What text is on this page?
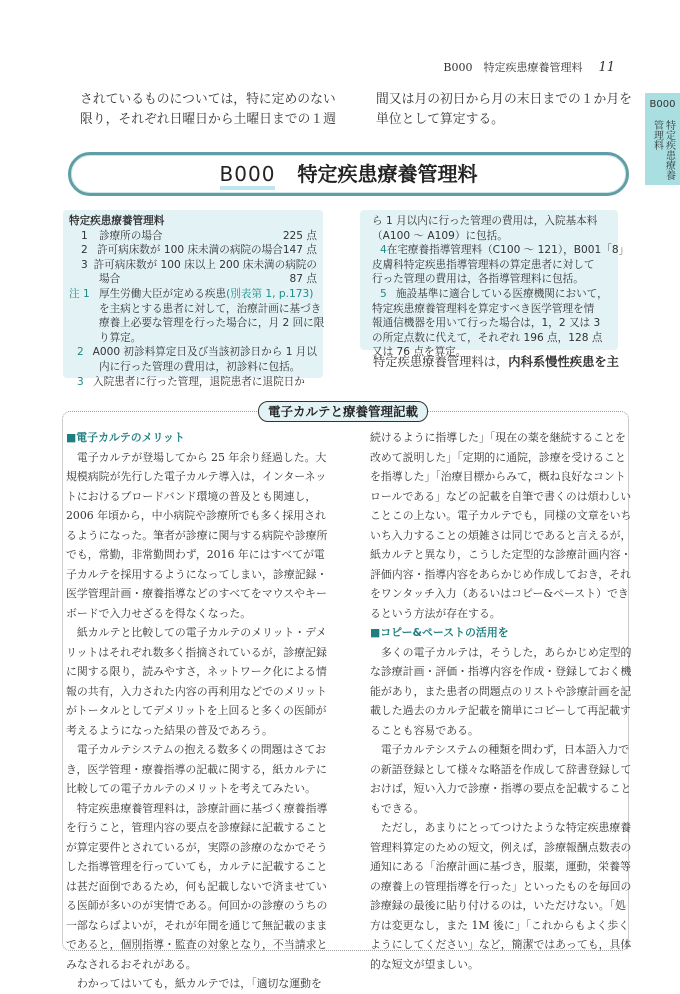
B000　特定疾患療養管理料 11
されているものについては，特に定めのない
限り，それぞれ日曜日から土曜日までの１週
間又は月の初日から月の末日までの１か月を
単位として算定する。
B000
特定疾患療養管理料
B000 特定疾患療養管理料
特定疾患療養管理料
1	診療所の場合	225 点
2 許可病床数が 100 床未満の病院の場合 147 点
3 許可病床数が 100 床以上 200 床未満の病院の
場合	87 点
注 1 厚生労働大臣が定める疾患 (別表第 1, p.173)
を主病とする患者に対して，治療計画に基づき
療養上必要な管理を行った場合に，月 2 回に限
り算定。
2 A000 初診料算定日及び当該初診日から 1 月以
内に行った管理の費用は，初診料に包括。
3 入院患者に行った管理，退院患者に退院日か
ら 1 月以内に行った管理の費用は，入院基本料
（A100 ～ A109）に包括。
4 在宅療養指導管理料（C100 ～ 121），B001「8」
皮膚科特定疾患指導管理料の算定患者に対して
行った管理の費用は，各指導管理料に包括。
5 施設基準に適合している医療機関において，
特定疾患療養管理料を算定すべき医学管理を情
報通信機器を用いて行った場合は，1，2 又は 3
の所定点数に代えて，それぞれ 196 点，128 点
又は 76 点を算定。
特定疾患療養管理料は，内科系慢性疾患を主
電子カルテと療養管理記載
■電子カルテのメリット
　電子カルテが登場してから 25 年余り経過した。大
規模病院が先行した電子カルテ導入は，インターネッ
トにおけるブロードバンド環境の普及とも関連し，
2006 年頃から，中小病院や診療所でも多く採用され
るようになった。筆者が診療に関与する病院や診療所
でも，常勤，非常勤問わず，2016 年にはすべてが電
子カルテを採用するようになってしまい，診療記録・
医学管理計画・療養指導などのすべてをマウスやキー
ボードで入力せざるを得なくなった。
　紙カルテと比較しての電子カルテのメリット・デメ
リットはそれぞれ数多く指摘されているが，診療記録
に関する限り，読みやすさ，ネットワーク化による情
報の共有，入力された内容の再利用などでのメリット
がトータルとしてデメリットを上回ると多くの医師が
考えるようになった結果の普及であろう。
　電子カルテシステムの抱える数多くの問題はさてお
き，医学管理・療養指導の記載に関する，紙カルテに
比較しての電子カルテのメリットを考えてみたい。
　特定疾患療養管理料は，診療計画に基づく療養指導
を行うこと，管理内容の要点を診療録に記載すること
が算定要件とされているが，実際の診療のなかでそう
した指導管理を行っていても，カルテに記載すること
は甚だ面倒であるため，何も記載しないで済ませてい
る医師が多いのが実情である。何回かの診療のうちの
一部ならばよいが，それが年間を通じて無記載のまま
であると，個別指導・監査の対象となり，不当請求と
みなされるおそれがある。
　わかってはいても，紙カルテでは，「適切な運動を
続けるように指導した」「現在の薬を継続することを
改めて説明した」「定期的に通院，診療を受けること
を指導した」「治療目標からみて，概ね良好なコント
ロールである」などの記載を自筆で書くのは煩わしい
ことこの上ない。電子カルテでも，同様の文章をいち
いち入力することの煩雑さは同じであると言えるが，
紙カルテと異なり，こうした定型的な診療計画内容・
評価内容・指導内容をあらかじめ作成しておき，それ
をワンタッチ入力（あるいはコピー&ペースト）でき
るという方法が存在する。
■コピー&ペーストの活用を
　多くの電子カルテは，そうした，あらかじめ定型的
な診療計画・評価・指導内容を作成・登録しておく機
能があり，また患者の問題点のリストや診療計画を記
載した過去のカルテ記載を簡単にコピーして再記載す
ることも容易である。
　電子カルテシステムの種類を問わず，日本語入力で
の新語登録として様々な略語を作成して辞書登録して
おけば，短い入力で診療・指導の要点を記載すること
もできる。
　ただし，あまりにとってつけたような特定疾患療養
管理料算定のための短文，例えば，診療報酬点数表の
通知にある「治療計画に基づき，服薬，運動，栄養等
の療養上の管理指導を行った」といったものを毎回の
診療録の最後に貼り付けるのは，いただけない。「処
方は変更なし，また 1M 後に」「これからもよく歩く
ようにしてください」など，簡潔ではあっても，具体
的な短文が望ましい。
